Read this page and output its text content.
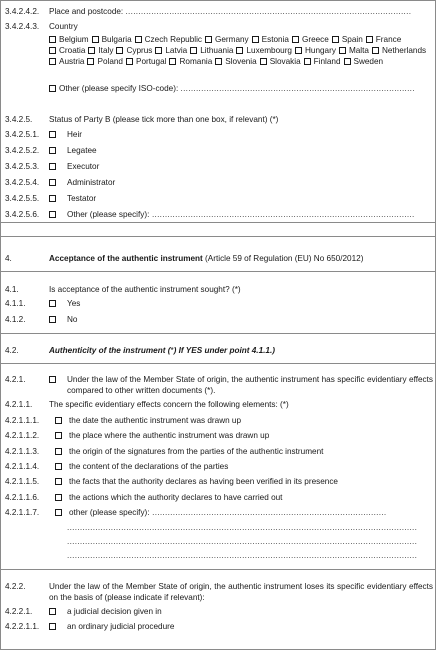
3.4.2.4.2. Place and postcode: ...............................................................................................................
3.4.2.4.3. Country
Belgium Bulgaria Czech Republic Germany Estonia Greece Spain FranceCroatia Italy Cyprus Latvia Lithuania Luxembourg Hungary Malta NetherlandsAustria Poland Portugal Romania Slovenia Slovakia Finland Sweden
Other (please specify ISO-code): ...........................................................................................
3.4.2.5. Status of Party B (please tick more than one box, if relevant) (*)
3.4.2.5.1.	Heir
3.4.2.5.2.	Legatee
3.4.2.5.3.	Executor
3.4.2.5.4.	Administrator
3.4.2.5.5.	Testator
3.4.2.5.6.	Other (please specify): ......................................................................................................
4.	Acceptance of the authentic instrument (Article 59 of Regulation (EU) No 650/2012)
4.1.	Is acceptance of the authentic instrument sought? (*)
4.1.1.	Yes
4.1.2.	No
4.2.	Authenticity of the instrument (*) If YES under point 4.1.1.)
4.2.1.	Under the law of the Member State of origin, the authentic instrument has specific evidentiary effects compared to other written documents (*).
4.2.1.1. The specific evidentiary effects concern the following elements: (*)
4.2.1.1.1.	the date the authentic instrument was drawn up
4.2.1.1.2.	the place where the authentic instrument was drawn up
4.2.1.1.3.	the origin of the signatures from the parties of the authentic instrument
4.2.1.1.4.	the content of the declarations of the parties
4.2.1.1.5.	the facts that the authority declares as having been verified in its presence
4.2.1.1.6.	the actions which the authority declares to have carried out
4.2.1.1.7.	other (please specify): ...........................................................................................
........................................................................................................................................
........................................................................................................................................
........................................................................................................................................
4.2.2.	Under the law of the Member State of origin, the authentic instrument loses its specific evidentiary effects on the basis of (please indicate if relevant):
4.2.2.1.	a judicial decision given in
4.2.2.1.1.	an ordinary judicial procedure
